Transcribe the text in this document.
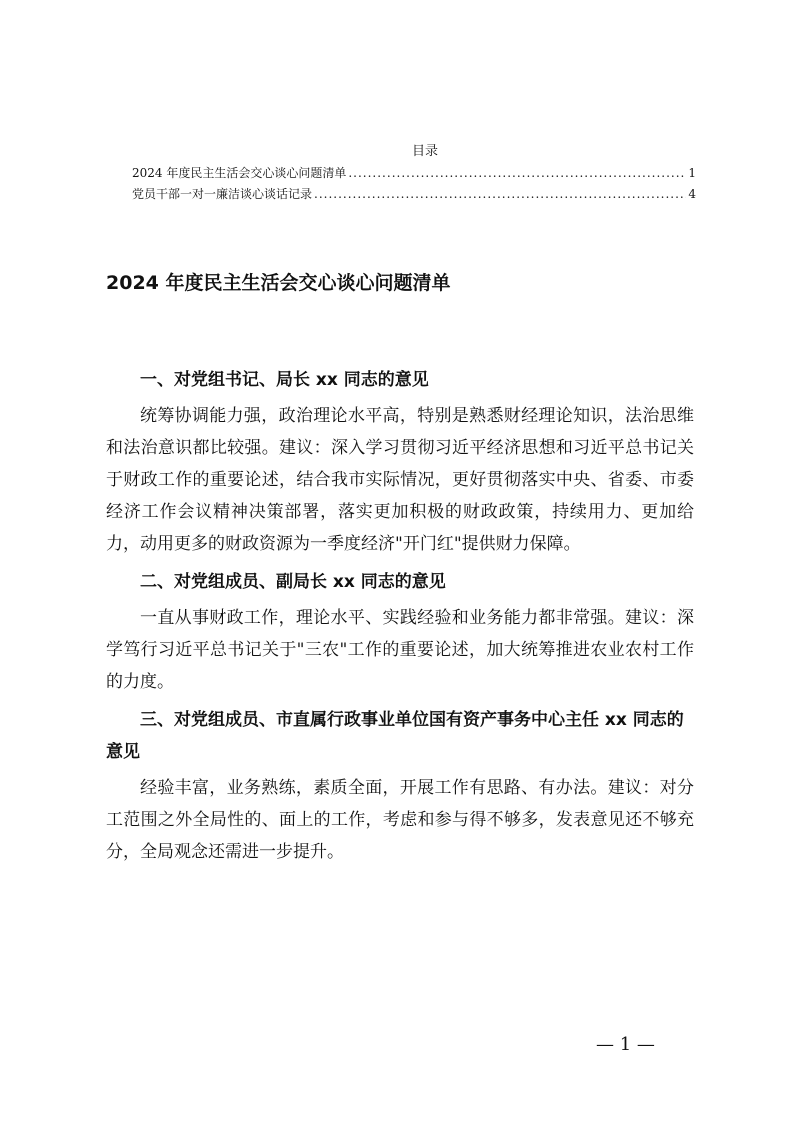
目录
2024 年度民主生活会交心谈心问题清单 .....	1
党员干部一对一廉洁谈心谈话记录 .....	4
2024 年度民主生活会交心谈心问题清单
一、对党组书记、局长 xx 同志的意见
统筹协调能力强，政治理论水平高，特别是熟悉财经理论知识，法治思维和法治意识都比较强。建议：深入学习贯彻习近平经济思想和习近平总书记关于财政工作的重要论述，结合我市实际情况，更好贯彻落实中央、省委、市委经济工作会议精神决策部署，落实更加积极的财政政策，持续用力、更加给力，动用更多的财政资源为一季度经济"开门红"提供财力保障。
二、对党组成员、副局长 xx 同志的意见
一直从事财政工作，理论水平、实践经验和业务能力都非常强。建议：深学笃行习近平总书记关于"三农"工作的重要论述，加大统筹推进农业农村工作的力度。
三、对党组成员、市直属行政事业单位国有资产事务中心主任 xx 同志的意见
经验丰富，业务熟练，素质全面，开展工作有思路、有办法。建议：对分工范围之外全局性的、面上的工作，考虑和参与得不够多，发表意见还不够充分，全局观念还需进一步提升。
— 1 —
